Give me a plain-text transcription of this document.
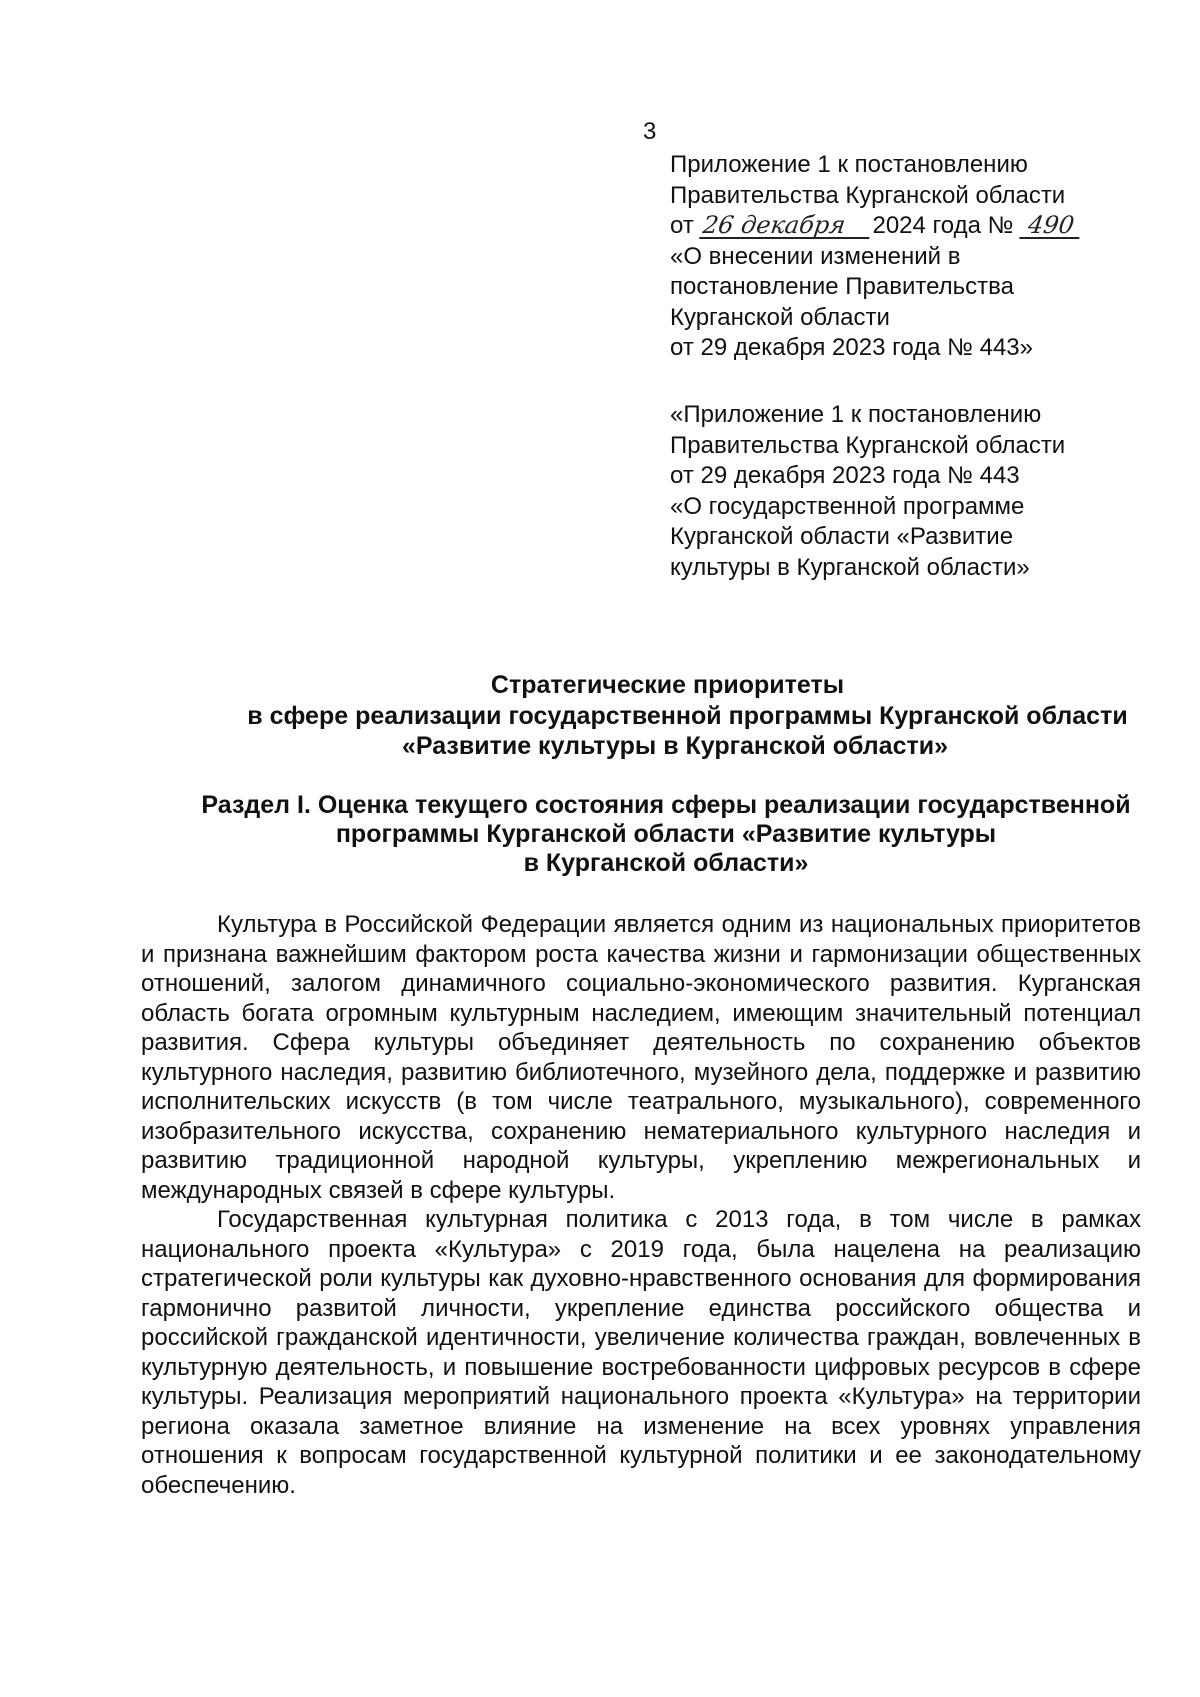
3
Приложение 1 к постановлению
Правительства Курганской области
от 26 декабря 2024 года № 490
«О внесении изменений в
постановление Правительства
Курганской области
от 29 декабря 2023 года № 443»
«Приложение 1 к постановлению
Правительства Курганской области
от 29 декабря 2023 года № 443
«О государственной программе
Курганской области «Развитие
культуры в Курганской области»
Стратегические приоритеты
в сфере реализации государственной программы Курганской области
«Развитие культуры в Курганской области»
Раздел I. Оценка текущего состояния сферы реализации государственной
программы Курганской области «Развитие культуры
в Курганской области»

Культура в Российской Федерации является одним из национальных приоритетов и признана важнейшим фактором роста качества жизни и гармонизации общественных отношений, залогом динамичного социально-экономического развития. Курганская область богата огромным культурным наследием, имеющим значительный потенциал развития. Сфера культуры объединяет деятельность по сохранению объектов культурного наследия, развитию библиотечного, музейного дела, поддержке и развитию исполнительских искусств (в том числе театрального, музыкального), современного изобразительного искусства, сохранению нематериального культурного наследия и развитию традиционной народной культуры, укреплению межрегиональных и международных связей в сфере культуры.

Государственная культурная политика с 2013 года, в том числе в рамках национального проекта «Культура» с 2019 года, была нацелена на реализацию стратегической роли культуры как духовно-нравственного основания для формирования гармонично развитой личности, укрепление единства российского общества и российской гражданской идентичности, увеличение количества граждан, вовлеченных в культурную деятельность, и повышение востребованности цифровых ресурсов в сфере культуры. Реализация мероприятий национального проекта «Культура» на территории региона оказала заметное влияние на изменение на всех уровнях управления отношения к вопросам государственной культурной политики и ее законодательному обеспечению.
